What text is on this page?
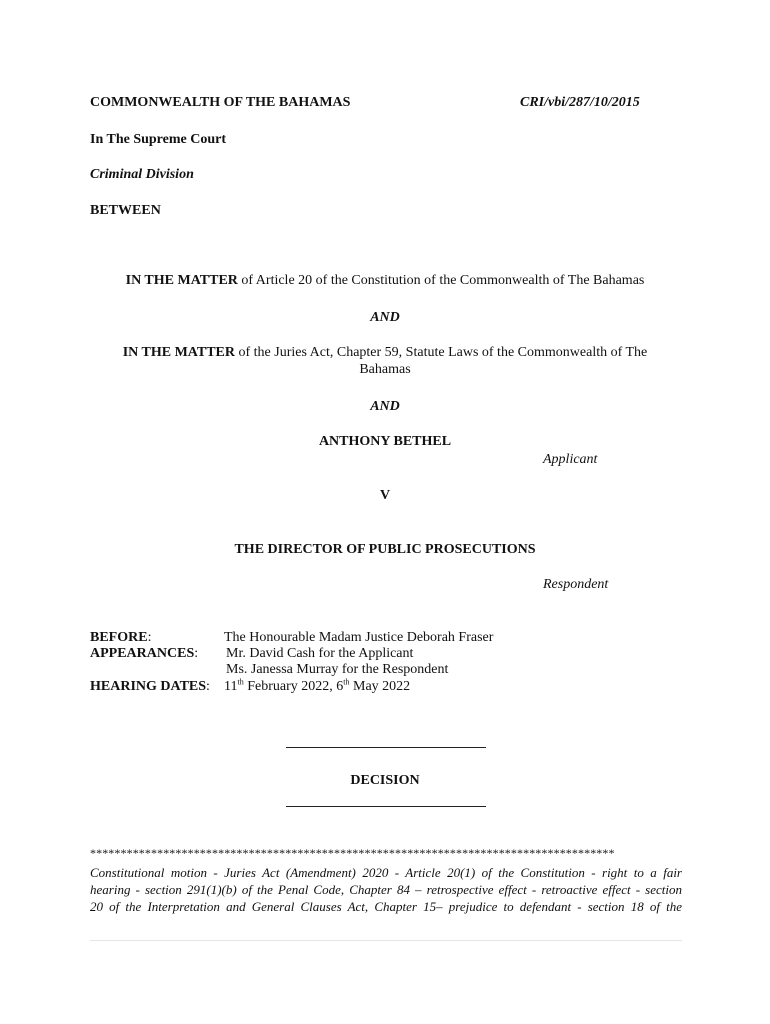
COMMONWEALTH OF THE BAHAMAS	CRI/vbi/287/10/2015
In The Supreme Court
Criminal Division
BETWEEN
IN THE MATTER of Article 20 of the Constitution of the Commonwealth of The Bahamas
AND
IN THE MATTER of the Juries Act, Chapter 59, Statute Laws of the Commonwealth of The
Bahamas
AND
ANTHONY BETHEL
Applicant
V
THE DIRECTOR OF PUBLIC PROSECUTIONS
Respondent
BEFORE:	The Honourable Madam Justice Deborah Fraser
APPEARANCES: Mr. David Cash for the Applicant
Ms. Janessa Murray for the Respondent
HEARING DATES: 11th February 2022, 6th May 2022
DECISION
**************************************************************************************
Constitutional motion - Juries Act (Amendment) 2020 - Article 20(1) of the Constitution - right to a fair
hearing - section 291(1)(b) of the Penal Code, Chapter 84 – retrospective effect - retroactive effect - section
20 of the Interpretation and General Clauses Act, Chapter 15– prejudice to defendant - section 18 of the
